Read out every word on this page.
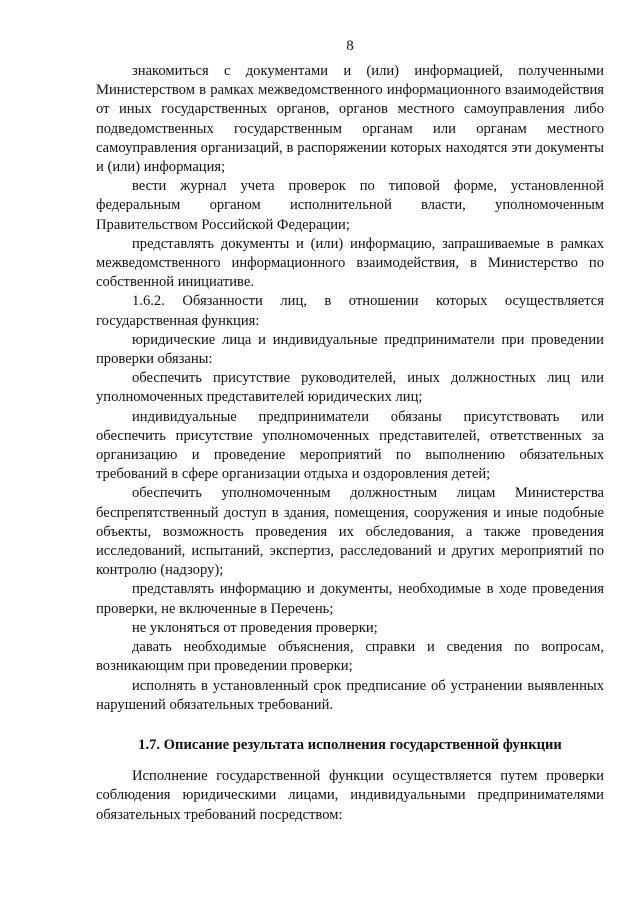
8

знакомиться с документами и (или) информацией, полученными Министерством в рамках межведомственного информационного взаимодействия от иных государственных органов, органов местного самоуправления либо подведомственных государственным органам или органам местного самоуправления организаций, в распоряжении которых находятся эти документы и (или) информация;

вести журнал учета проверок по типовой форме, установленной федеральным органом исполнительной власти, уполномоченным Правительством Российской Федерации;

представлять документы и (или) информацию, запрашиваемые в рамках межведомственного информационного взаимодействия, в Министерство по собственной инициативе.

1.6.2. Обязанности лиц, в отношении которых осуществляется государственная функция:

юридические лица и индивидуальные предприниматели при проведении проверки обязаны:

обеспечить присутствие руководителей, иных должностных лиц или уполномоченных представителей юридических лиц;

индивидуальные предприниматели обязаны присутствовать или обеспечить присутствие уполномоченных представителей, ответственных за организацию и проведение мероприятий по выполнению обязательных требований в сфере организации отдыха и оздоровления детей;

обеспечить уполномоченным должностным лицам Министерства беспрепятственный доступ в здания, помещения, сооружения и иные подобные объекты, возможность проведения их обследования, а также проведения исследований, испытаний, экспертиз, расследований и других мероприятий по контролю (надзору);

представлять информацию и документы, необходимые в ходе проведения проверки, не включенные в Перечень;

не уклоняться от проведения проверки;

давать необходимые объяснения, справки и сведения по вопросам, возникающим при проведении проверки;

исполнять в установленный срок предписание об устранении выявленных нарушений обязательных требований.

1.7. Описание результата исполнения государственной функции

Исполнение государственной функции осуществляется путем проверки соблюдения юридическими лицами, индивидуальными предпринимателями обязательных требований посредством:
